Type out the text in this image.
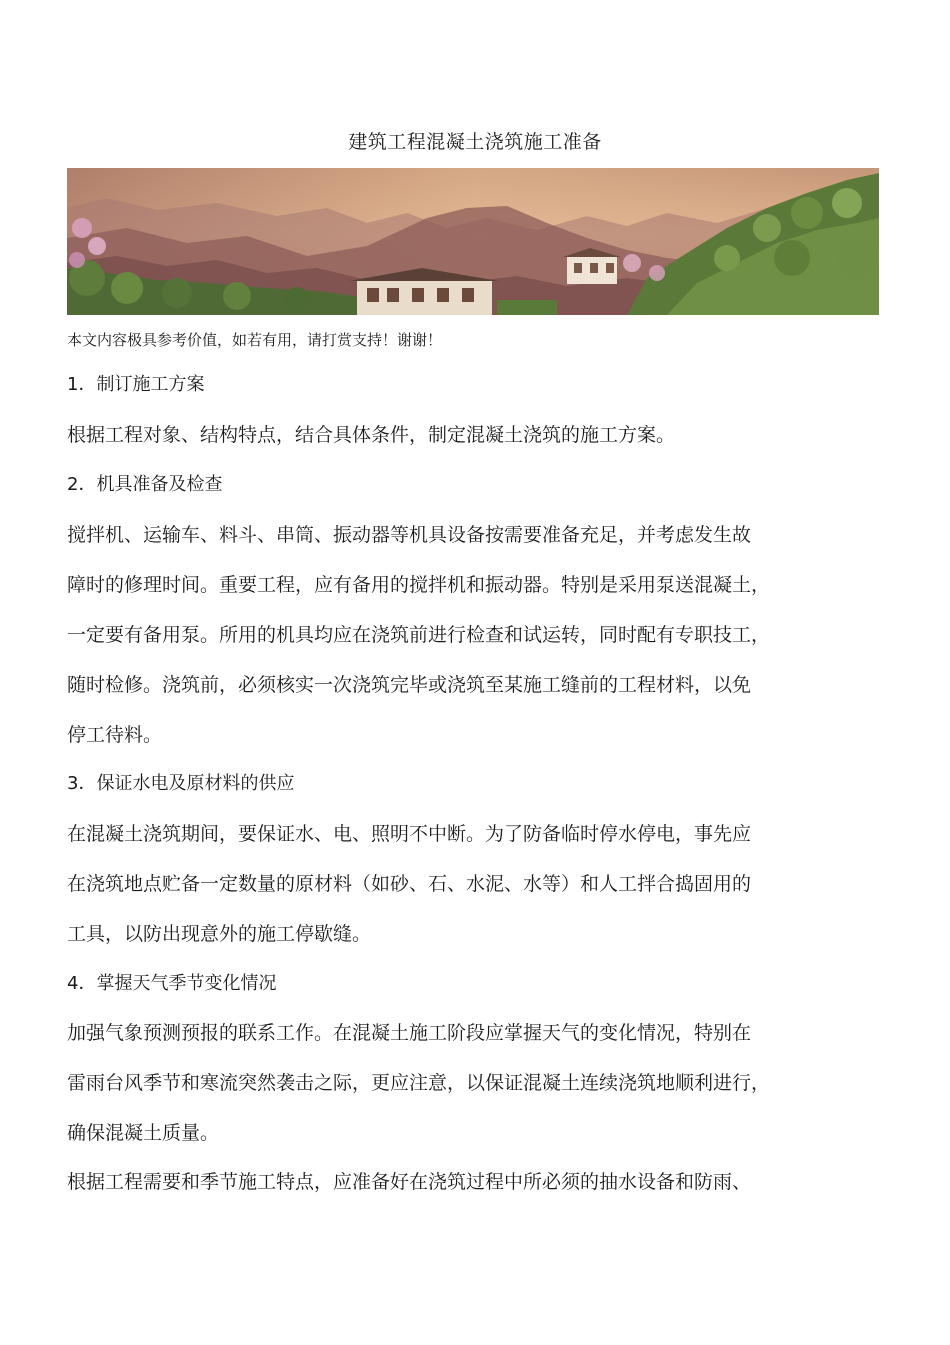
建筑工程混凝土浇筑施工准备
本文内容极具参考价值，如若有用，请打赏支持！谢谢！
1．制订施工方案
根据工程对象、结构特点，结合具体条件，制定混凝土浇筑的施工方案。
2．机具准备及检查
搅拌机、运输车、料斗、串筒、振动器等机具设备按需要准备充足，并考虑发生故
障时的修理时间。重要工程，应有备用的搅拌机和振动器。特别是采用泵送混凝土，
一定要有备用泵。所用的机具均应在浇筑前进行检查和试运转，同时配有专职技工，
随时检修。浇筑前，必须核实一次浇筑完毕或浇筑至某施工缝前的工程材料，以免
停工待料。
3．保证水电及原材料的供应
在混凝土浇筑期间，要保证水、电、照明不中断。为了防备临时停水停电，事先应
在浇筑地点贮备一定数量的原材料（如砂、石、水泥、水等）和人工拌合捣固用的
工具，以防出现意外的施工停歇缝。
4．掌握天气季节变化情况
加强气象预测预报的联系工作。在混凝土施工阶段应掌握天气的变化情况，特别在
雷雨台风季节和寒流突然袭击之际，更应注意，以保证混凝土连续浇筑地顺利进行，
确保混凝土质量。
根据工程需要和季节施工特点，应准备好在浇筑过程中所必须的抽水设备和防雨、
